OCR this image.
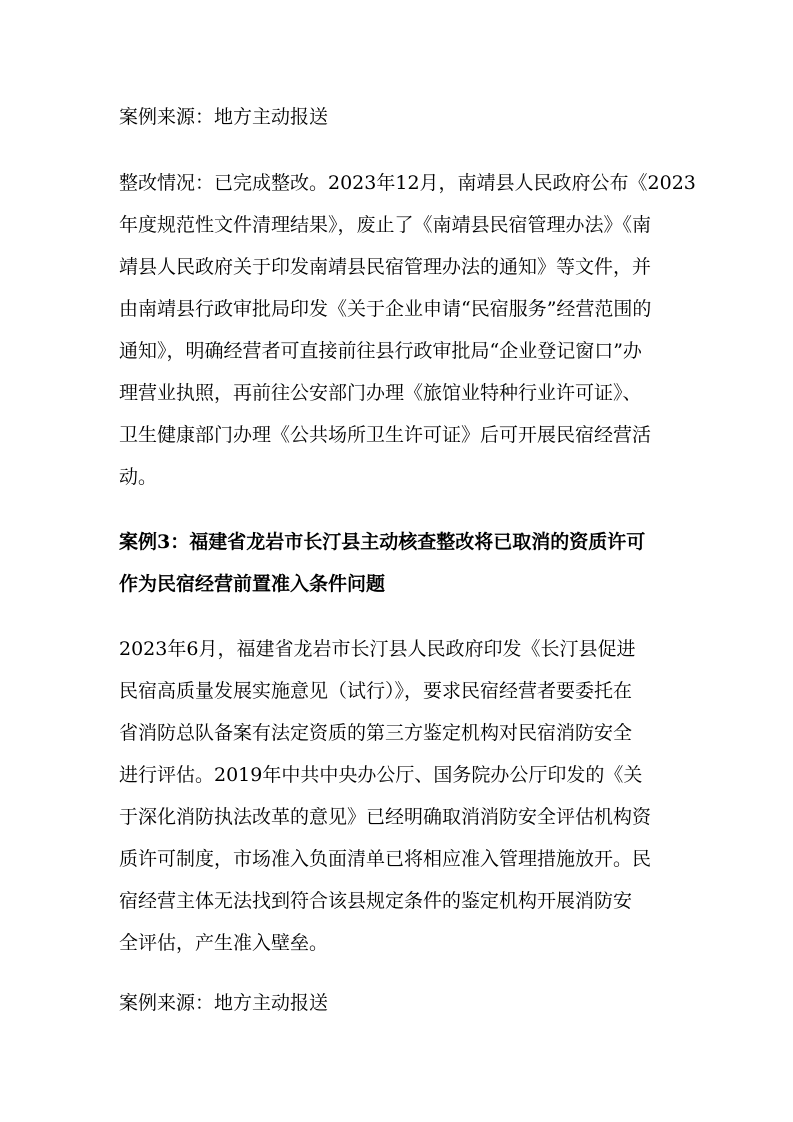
案例来源：地方主动报送

整改情况：已完成整改。2023年12月，南靖县人民政府公布《2023

年度规范性文件清理结果》，废止了《南靖县民宿管理办法》《南

靖县人民政府关于印发南靖县民宿管理办法的通知》等文件，并

由南靖县行政审批局印发《关于企业申请“民宿服务”经营范围的

通知》，明确经营者可直接前往县行政审批局“企业登记窗口”办

理营业执照，再前往公安部门办理《旅馆业特种行业许可证》、

卫生健康部门办理《公共场所卫生许可证》后可开展民宿经营活

动。

案例3：福建省龙岩市长汀县主动核查整改将已取消的资质许可

作为民宿经营前置准入条件问题

2023年6月，福建省龙岩市长汀县人民政府印发《长汀县促进

民宿高质量发展实施意见（试行）》，要求民宿经营者要委托在

省消防总队备案有法定资质的第三方鉴定机构对民宿消防安全

进行评估。2019年中共中央办公厅、国务院办公厅印发的《关

于深化消防执法改革的意见》已经明确取消消防安全评估机构资

质许可制度，市场准入负面清单已将相应准入管理措施放开。民

宿经营主体无法找到符合该县规定条件的鉴定机构开展消防安

全评估，产生准入壁垒。

案例来源：地方主动报送
